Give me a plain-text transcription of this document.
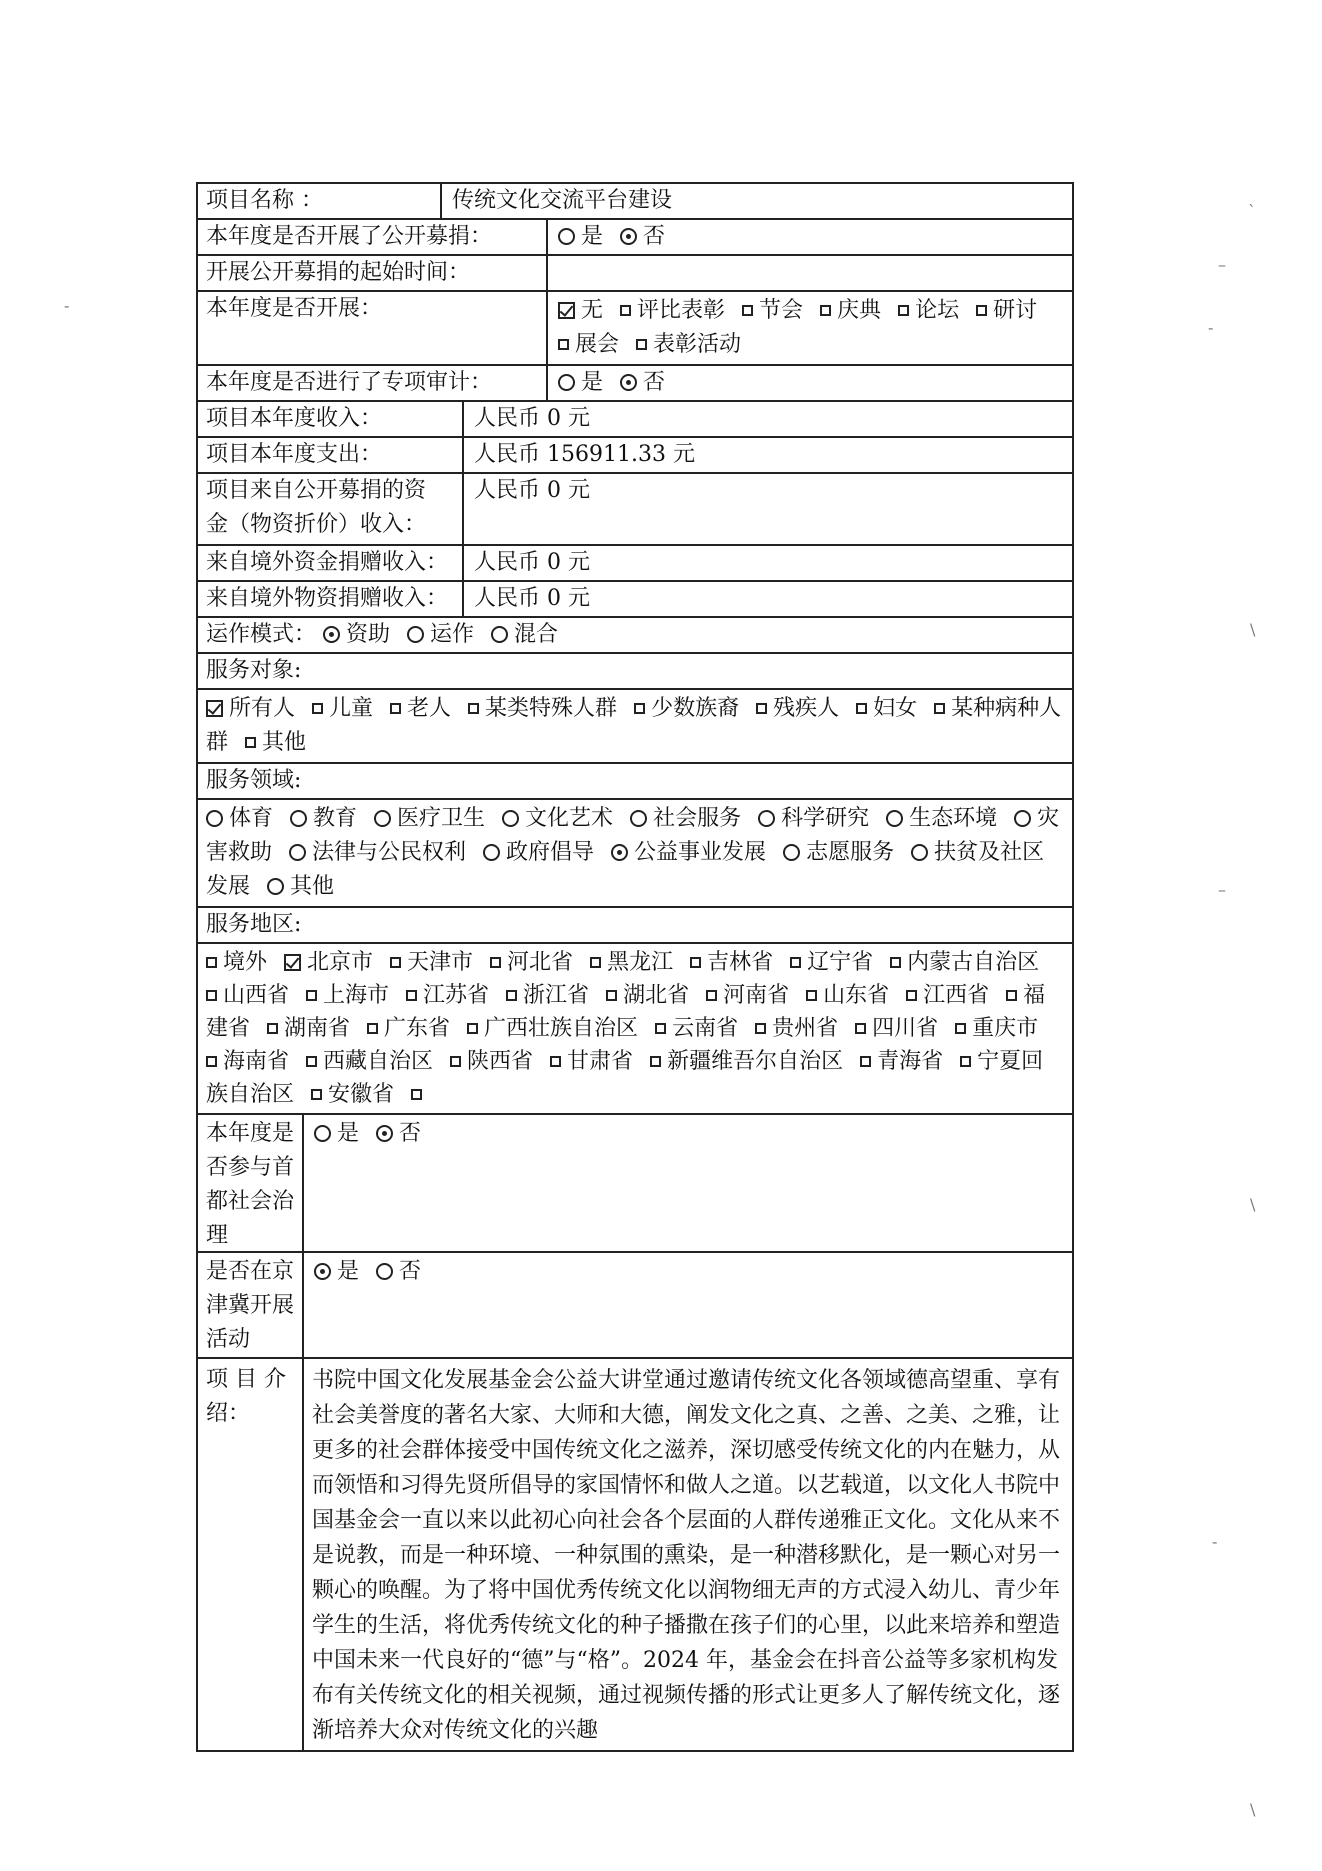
项目名称 ：	传统文化交流平台建设
本年度是否开展了公开募捐：	是 否
开展公开募捐的起始时间：
本年度是否开展：	无 评比表彰 节会 庆典 论坛 研讨 展会 表彰活动
本年度是否进行了专项审计：	是 否
项目本年度收入：	人民币 0 元
项目本年度支出：	人民币 156911.33 元
项目来自公开募捐的资
金（物资折价）收入：
人民币 0 元
来自境外资金捐赠收入：	人民币 0 元
来自境外物资捐赠收入：	人民币 0 元
运作模式： 资助 运作 混合
服务对象:
所有人 儿童 老人 某类特殊人群 少数族裔 残疾人 妇女 某种病种人群 其他
服务领域:
体育 教育 医疗卫生 文化艺术 社会服务 科学研究 生态环境 灾害救助 法律与公民权利 政府倡导 公益事业发展 志愿服务 扶贫及社区发展 其他
服务地区:
境外 北京市 天津市 河北省 黑龙江 吉林省 辽宁省 内蒙古自治区 山西省 上海市 江苏省 浙江省 湖北省 河南省 山东省 江西省 福建省 湖南省 广东省 广西壮族自治区 云南省 贵州省 四川省 重庆市 海南省 西藏自治区 陕西省 甘肃省 新疆维吾尔自治区 青海省 宁夏回族自治区 安徽省
本年度是否参与首都社会治理
是 否
是否在京津冀开展活动
是 否
项 目 介 绍：
书院中国文化发展基金会公益大讲堂通过邀请传统文化各领域德高望重、享有社会美誉度的著名大家、大师和大德，阐发文化之真、之善、之美、之雅，让更多的社会群体接受中国传统文化之滋养，深切感受传统文化的内在魅力，从而领悟和习得先贤所倡导的家国情怀和做人之道。以艺载道，以文化人书院中国基金会一直以来以此初心向社会各个层面的人群传递雅正文化。文化从来不是说教，而是一种环境、一种氛围的熏染，是一种潜移默化，是一颗心对另一颗心的唤醒。为了将中国优秀传统文化以润物细无声的方式浸入幼儿、青少年学生的生活，将优秀传统文化的种子播撒在孩子们的心里，以此来培养和塑造中国未来一代良好的“德”与“格”。2024 年，基金会在抖音公益等多家机构发布有关传统文化的相关视频，通过视频传播的形式让更多人了解传统文化，逐渐培养大众对传统文化的兴趣
ˋ
–
-
-
\
\
–
-
\
